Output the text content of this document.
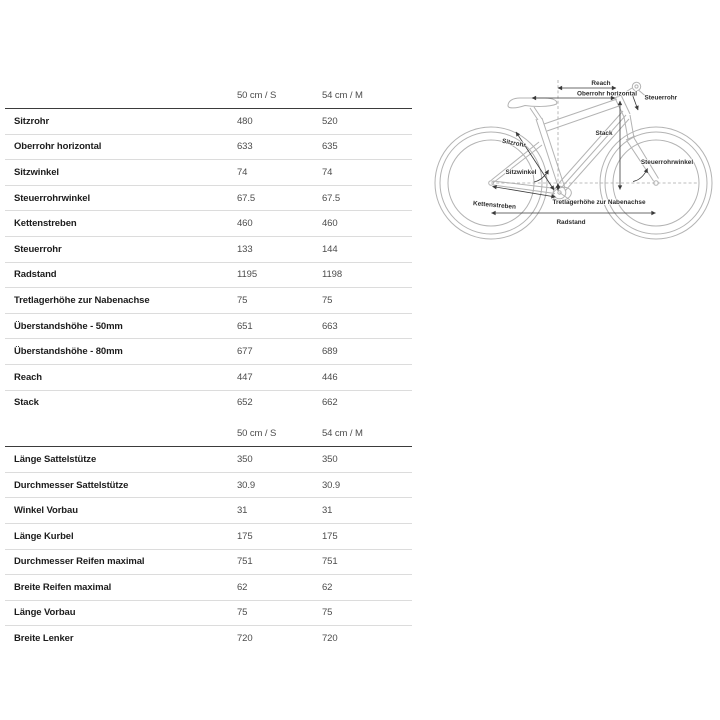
	50 cm / S	54 cm / M
Sitzrohr	480	520
Oberrohr horizontal	633	635
Sitzwinkel	74	74
Steuerrohrwinkel	67.5	67.5
Kettenstreben	460	460
Steuerrohr	133	144
Radstand	1195	1198
Tretlagerhöhe zur Nabenachse	75	75
Überstandshöhe - 50mm	651	663
Überstandshöhe - 80mm	677	689
Reach	447	446
Stack	652	662
	50 cm / S	54 cm / M
Länge Sattelstütze	350	350
Durchmesser Sattelstütze	30.9	30.9
Winkel Vorbau	31	31
Länge Kurbel	175	175
Durchmesser Reifen maximal	751	751
Breite Reifen maximal	62	62
Länge Vorbau	75	75
Breite Lenker	720	720
Reach
Oberrohr horizontal
Steuerrohr
Stack
Sitzrohr
Sitzwinkel
Kettenstreben	Tretlagerhöhe zur Nabenachse
Radstand
Steuerrohrwinkel
